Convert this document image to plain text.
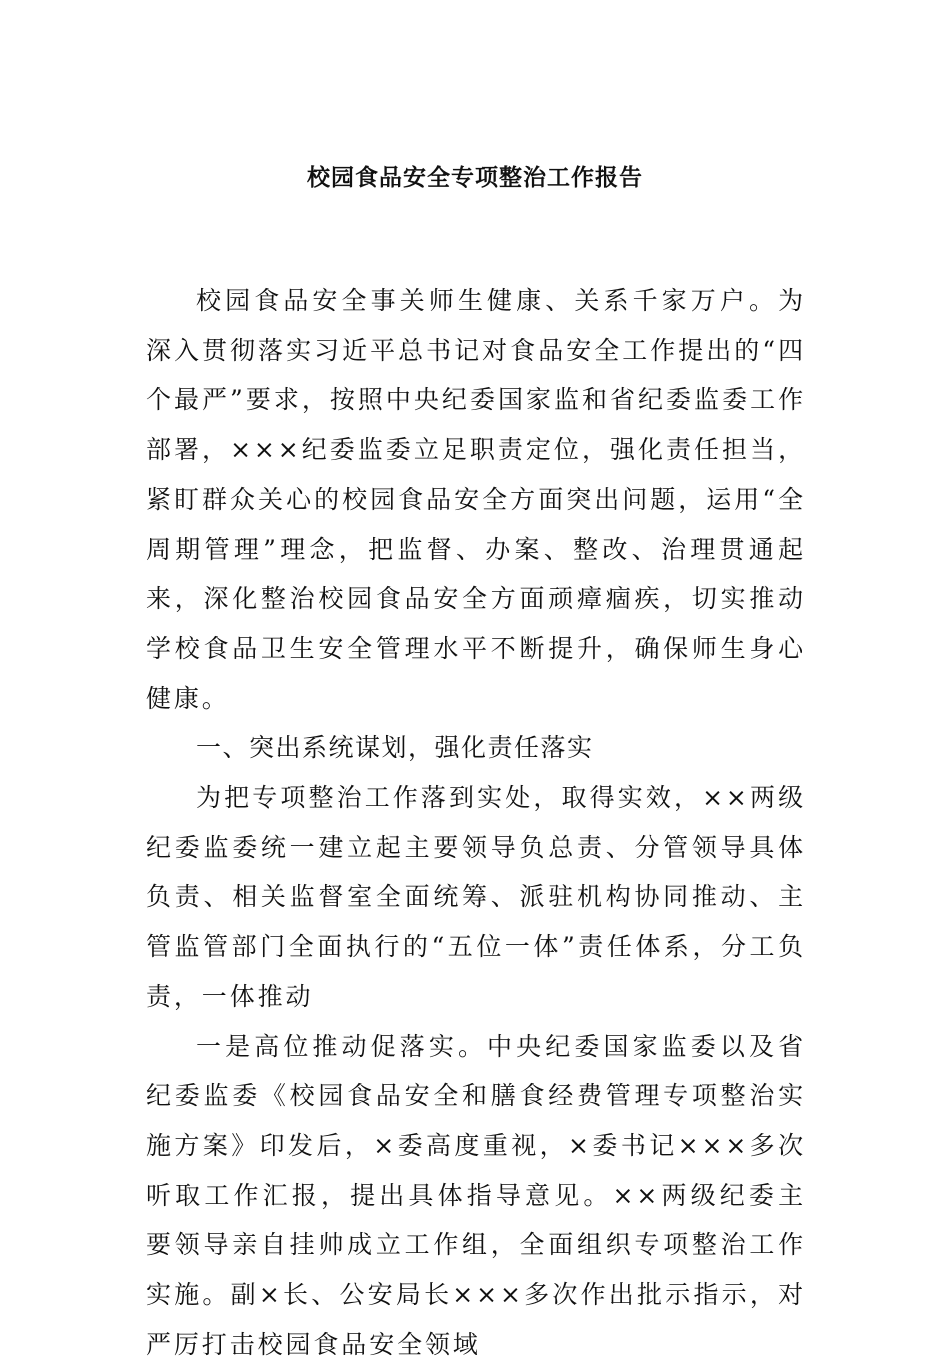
校园食品安全专项整治工作报告

校园食品安全事关师生健康、关系千家万户。为深入贯彻落实习近平总书记对食品安全工作提出的“四个最严”要求，按照中央纪委国家监和省纪委监委工作部署，×××纪委监委立足职责定位，强化责任担当，紧盯群众关心的校园食品安全方面突出问题，运用“全周期管理”理念，把监督、办案、整改、治理贯通起来，深化整治校园食品安全方面顽瘴痼疾，切实推动学校食品卫生安全管理水平不断提升，确保师生身心健康。

一、突出系统谋划，强化责任落实

为把专项整治工作落到实处，取得实效，××两级纪委监委统一建立起主要领导负总责、分管领导具体负责、相关监督室全面统筹、派驻机构协同推动、主管监管部门全面执行的“五位一体”责任体系，分工负责，一体推动

一是高位推动促落实。中央纪委国家监委以及省纪委监委《校园食品安全和膳食经费管理专项整治实施方案》印发后，×委高度重视，×委书记×××多次听取工作汇报，提出具体指导意见。××两级纪委主要领导亲自挂帅成立工作组，全面组织专项整治工作实施。副×长、公安局长×××多次作出批示指示，对严厉打击校园食品安全领域
